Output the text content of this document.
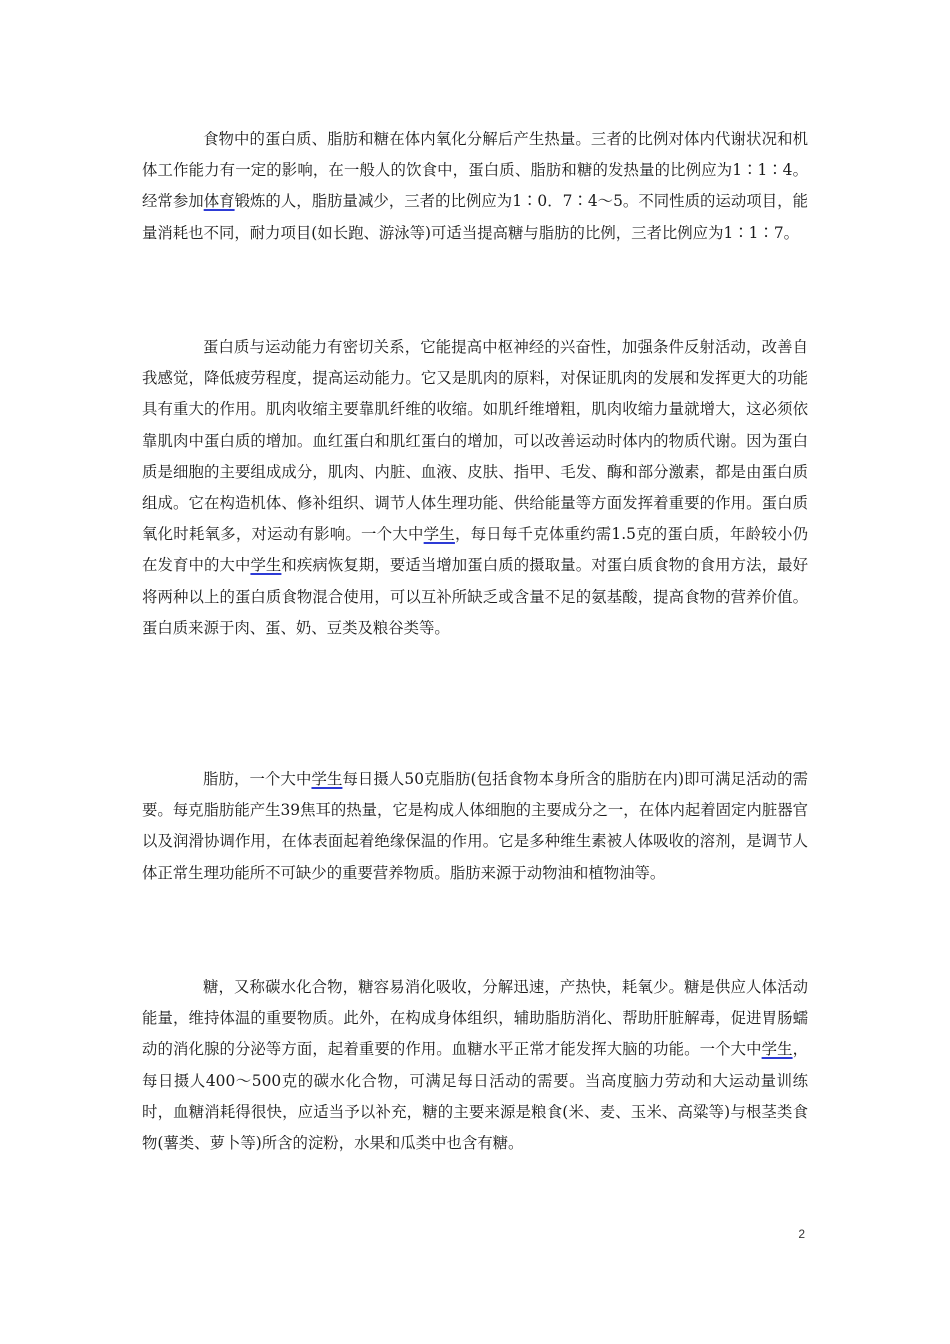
食物中的蛋白质、脂肪和糖在体内氧化分解后产生热量。三者的比例对体内代谢状况和机体工作能力有一定的影响，在一般人的饮食中，蛋白质、脂肪和糖的发热量的比例应为1∶1∶4。经常参加体育锻炼的人，脂肪量减少，三者的比例应为1∶0．7∶4～5。不同性质的运动项目，能量消耗也不同，耐力项目(如长跑、游泳等)可适当提高糖与脂肪的比例，三者比例应为1∶1∶7。

蛋白质与运动能力有密切关系，它能提高中枢神经的兴奋性，加强条件反射活动，改善自我感觉，降低疲劳程度，提高运动能力。它又是肌肉的原料，对保证肌肉的发展和发挥更大的功能具有重大的作用。肌肉收缩主要靠肌纤维的收缩。如肌纤维增粗，肌肉收缩力量就增大，这必须依靠肌肉中蛋白质的增加。血红蛋白和肌红蛋白的增加，可以改善运动时体内的物质代谢。因为蛋白质是细胞的主要组成成分，肌肉、内脏、血液、皮肤、指甲、毛发、酶和部分激素，都是由蛋白质组成。它在构造机体、修补组织、调节人体生理功能、供给能量等方面发挥着重要的作用。蛋白质氧化时耗氧多，对运动有影响。一个大中学生，每日每千克体重约需1.5克的蛋白质，年龄较小仍在发育中的大中学生和疾病恢复期，要适当增加蛋白质的摄取量。对蛋白质食物的食用方法，最好将两种以上的蛋白质食物混合使用，可以互补所缺乏或含量不足的氨基酸，提高食物的营养价值。蛋白质来源于肉、蛋、奶、豆类及粮谷类等。

脂肪，一个大中学生每日摄人50克脂肪(包括食物本身所含的脂肪在内)即可满足活动的需要。每克脂肪能产生39焦耳的热量，它是构成人体细胞的主要成分之一，在体内起着固定内脏器官以及润滑协调作用，在体表面起着绝缘保温的作用。它是多种维生素被人体吸收的溶剂，是调节人体正常生理功能所不可缺少的重要营养物质。脂肪来源于动物油和植物油等。

糖，又称碳水化合物，糖容易消化吸收，分解迅速，产热快，耗氧少。糖是供应人体活动能量，维持体温的重要物质。此外，在构成身体组织，辅助脂肪消化、帮助肝脏解毒，促进胃肠蠕动的消化腺的分泌等方面，起着重要的作用。血糖水平正常才能发挥大脑的功能。一个大中学生，每日摄人400～500克的碳水化合物，可满足每日活动的需要。当高度脑力劳动和大运动量训练时，血糖消耗得很快，应适当予以补充，糖的主要来源是粮食(米、麦、玉米、高粱等)与根茎类食物(薯类、萝卜等)所含的淀粉，水果和瓜类中也含有糖。

2
